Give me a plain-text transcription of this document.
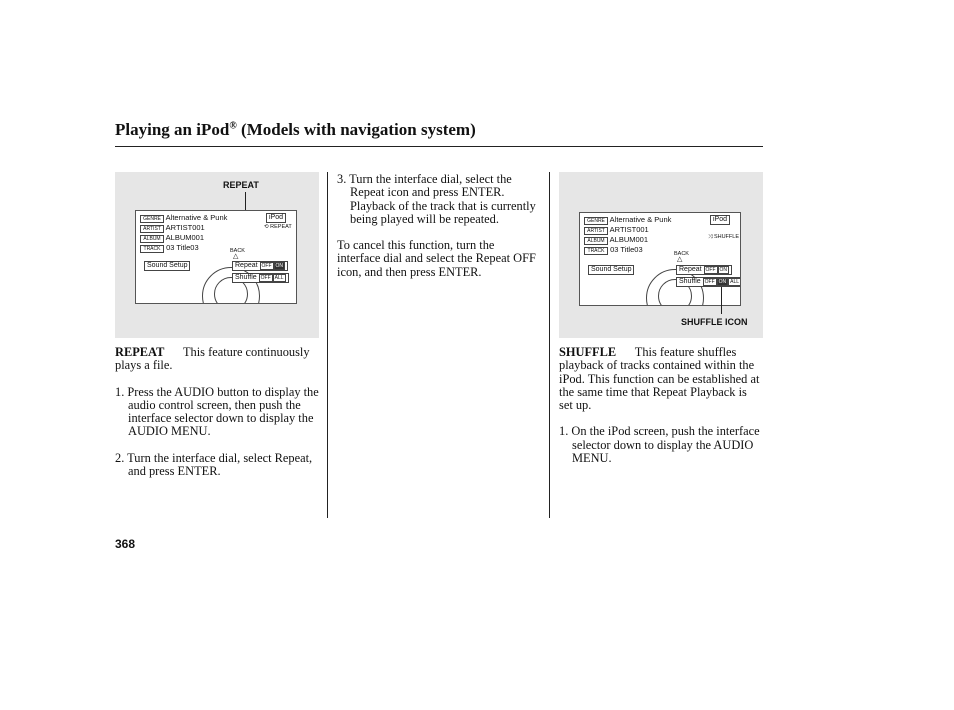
Playing an iPod® (Models with navigation system)
REPEAT
GENRE Alternative & Punk
ARTIST ARTIST001
ALBUM ALBUM001
TRACK 03 Title03
iPod
⟲ REPEAT
BACK
△
Sound Setup	Repeat OFF ON
Shuffle OFF ALL
GENRE Alternative & Punk
ARTIST ARTIST001
ALBUM ALBUM001
TRACK 03 Title03
iPod
⤨ SHUFFLE
BACK
△
Sound Setup	Repeat OFF ON
Shuffle OFF ON ALL
SHUFFLE ICON

REPEAT This feature continuously plays a file.

1. Press the AUDIO button to display the audio control screen, then push the interface selector down to display the AUDIO MENU.

2. Turn the interface dial, select Repeat, and press ENTER.

3. Turn the interface dial, select the Repeat icon and press ENTER. Playback of the track that is currently being played will be repeated.

To cancel this function, turn the interface dial and select the Repeat OFF icon, and then press ENTER.

SHUFFLE This feature shuffles playback of tracks contained within the iPod. This function can be established at the same time that Repeat Playback is set up.

1. On the iPod screen, push the interface selector down to display the AUDIO MENU.

368
